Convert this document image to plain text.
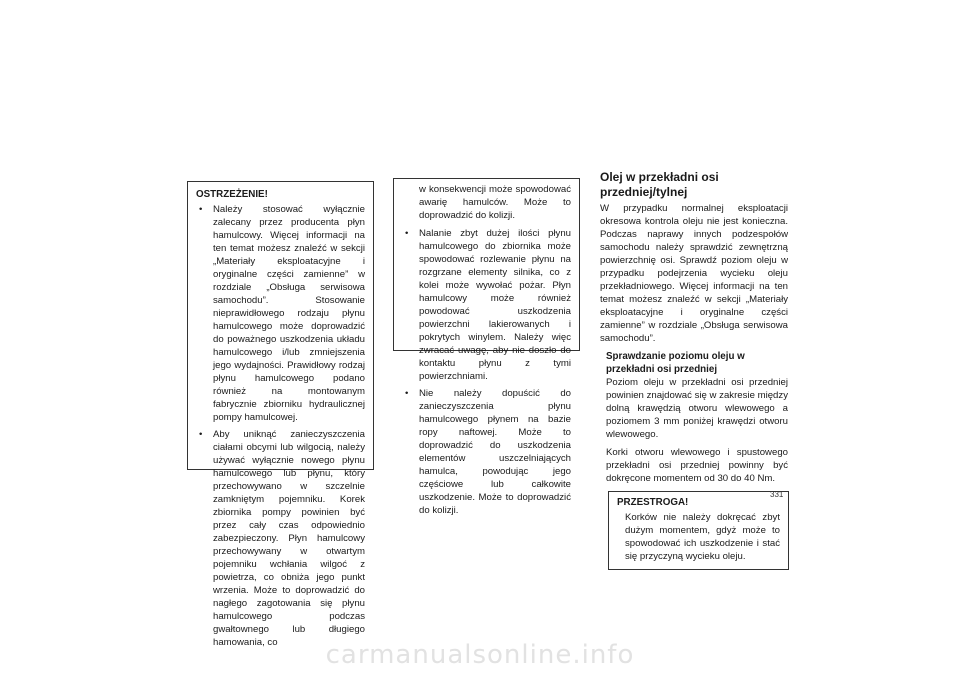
OSTRZEŻENIE!
• Należy stosować wyłącznie zalecany przez producenta płyn hamulcowy. Więcej informacji na ten temat możesz znaleźć w sekcji „Materiały eksploatacyjne i oryginalne części zamienne” w rozdziale „Obsługa serwisowa samochodu”. Stosowanie nieprawidłowego rodzaju płynu hamulcowego może doprowadzić do poważnego uszkodzenia układu hamulcowego i/lub zmniejszenia jego wydajności. Prawidłowy rodzaj płynu hamulcowego podano również na montowanym fabrycznie zbiorniku hydraulicznej pompy hamulcowej.
• Aby uniknąć zanieczyszczenia ciałami obcymi lub wilgocią, należy używać wyłącznie nowego płynu hamulcowego lub płynu, który przechowywano w szczelnie zamkniętym pojemniku. Korek zbiornika pompy powinien być przez cały czas odpowiednio zabezpieczony. Płyn hamulcowy przechowywany w otwartym pojemniku wchłania wilgoć z powietrza, co obniża jego punkt wrzenia. Może to doprowadzić do nagłego zagotowania się płynu hamulcowego podczas gwałtownego lub długiego hamowania, co
w konsekwencji może spowodować awarię hamulców. Może to doprowadzić do kolizji.
• Nalanie zbyt dużej ilości płynu hamulcowego do zbiornika może spowodować rozlewanie płynu na rozgrzane elementy silnika, co z kolei może wywołać pożar. Płyn hamulcowy może również powodować uszkodzenia powierzchni lakierowanych i pokrytych winylem. Należy więc zwracać uwagę, aby nie doszło do kontaktu płynu z tymi powierzchniami.
• Nie należy dopuścić do zanieczyszczenia płynu hamulcowego płynem na bazie ropy naftowej. Może to doprowadzić do uszkodzenia elementów uszczelniających hamulca, powodując jego częściowe lub całkowite uszkodzenie. Może to doprowadzić do kolizji.
Olej w przekładni osi przedniej/tylnej

W przypadku normalnej eksploatacji okresowa kontrola oleju nie jest konieczna. Podczas naprawy innych podzespołów samochodu należy sprawdzić zewnętrzną powierzchnię osi. Sprawdź poziom oleju w przypadku podejrzenia wycieku oleju przekładniowego. Więcej informacji na ten temat możesz znaleźć w sekcji „Materiały eksploatacyjne i oryginalne części zamienne” w rozdziale „Obsługa serwisowa samochodu”.

Sprawdzanie poziomu oleju w przekładni osi przedniej

Poziom oleju w przekładni osi przedniej powinien znajdować się w zakresie między dolną krawędzią otworu wlewowego a poziomem 3 mm poniżej krawędzi otworu wlewowego.

Korki otworu wlewowego i spustowego przekładni osi przedniej powinny być dokręcone momentem od 30 do 40 Nm.

PRZESTROGA!
Korków nie należy dokręcać zbyt dużym momentem, gdyż może to spowodować ich uszkodzenie i stać się przyczyną wycieku oleju.
331
carmanualsonline.info
